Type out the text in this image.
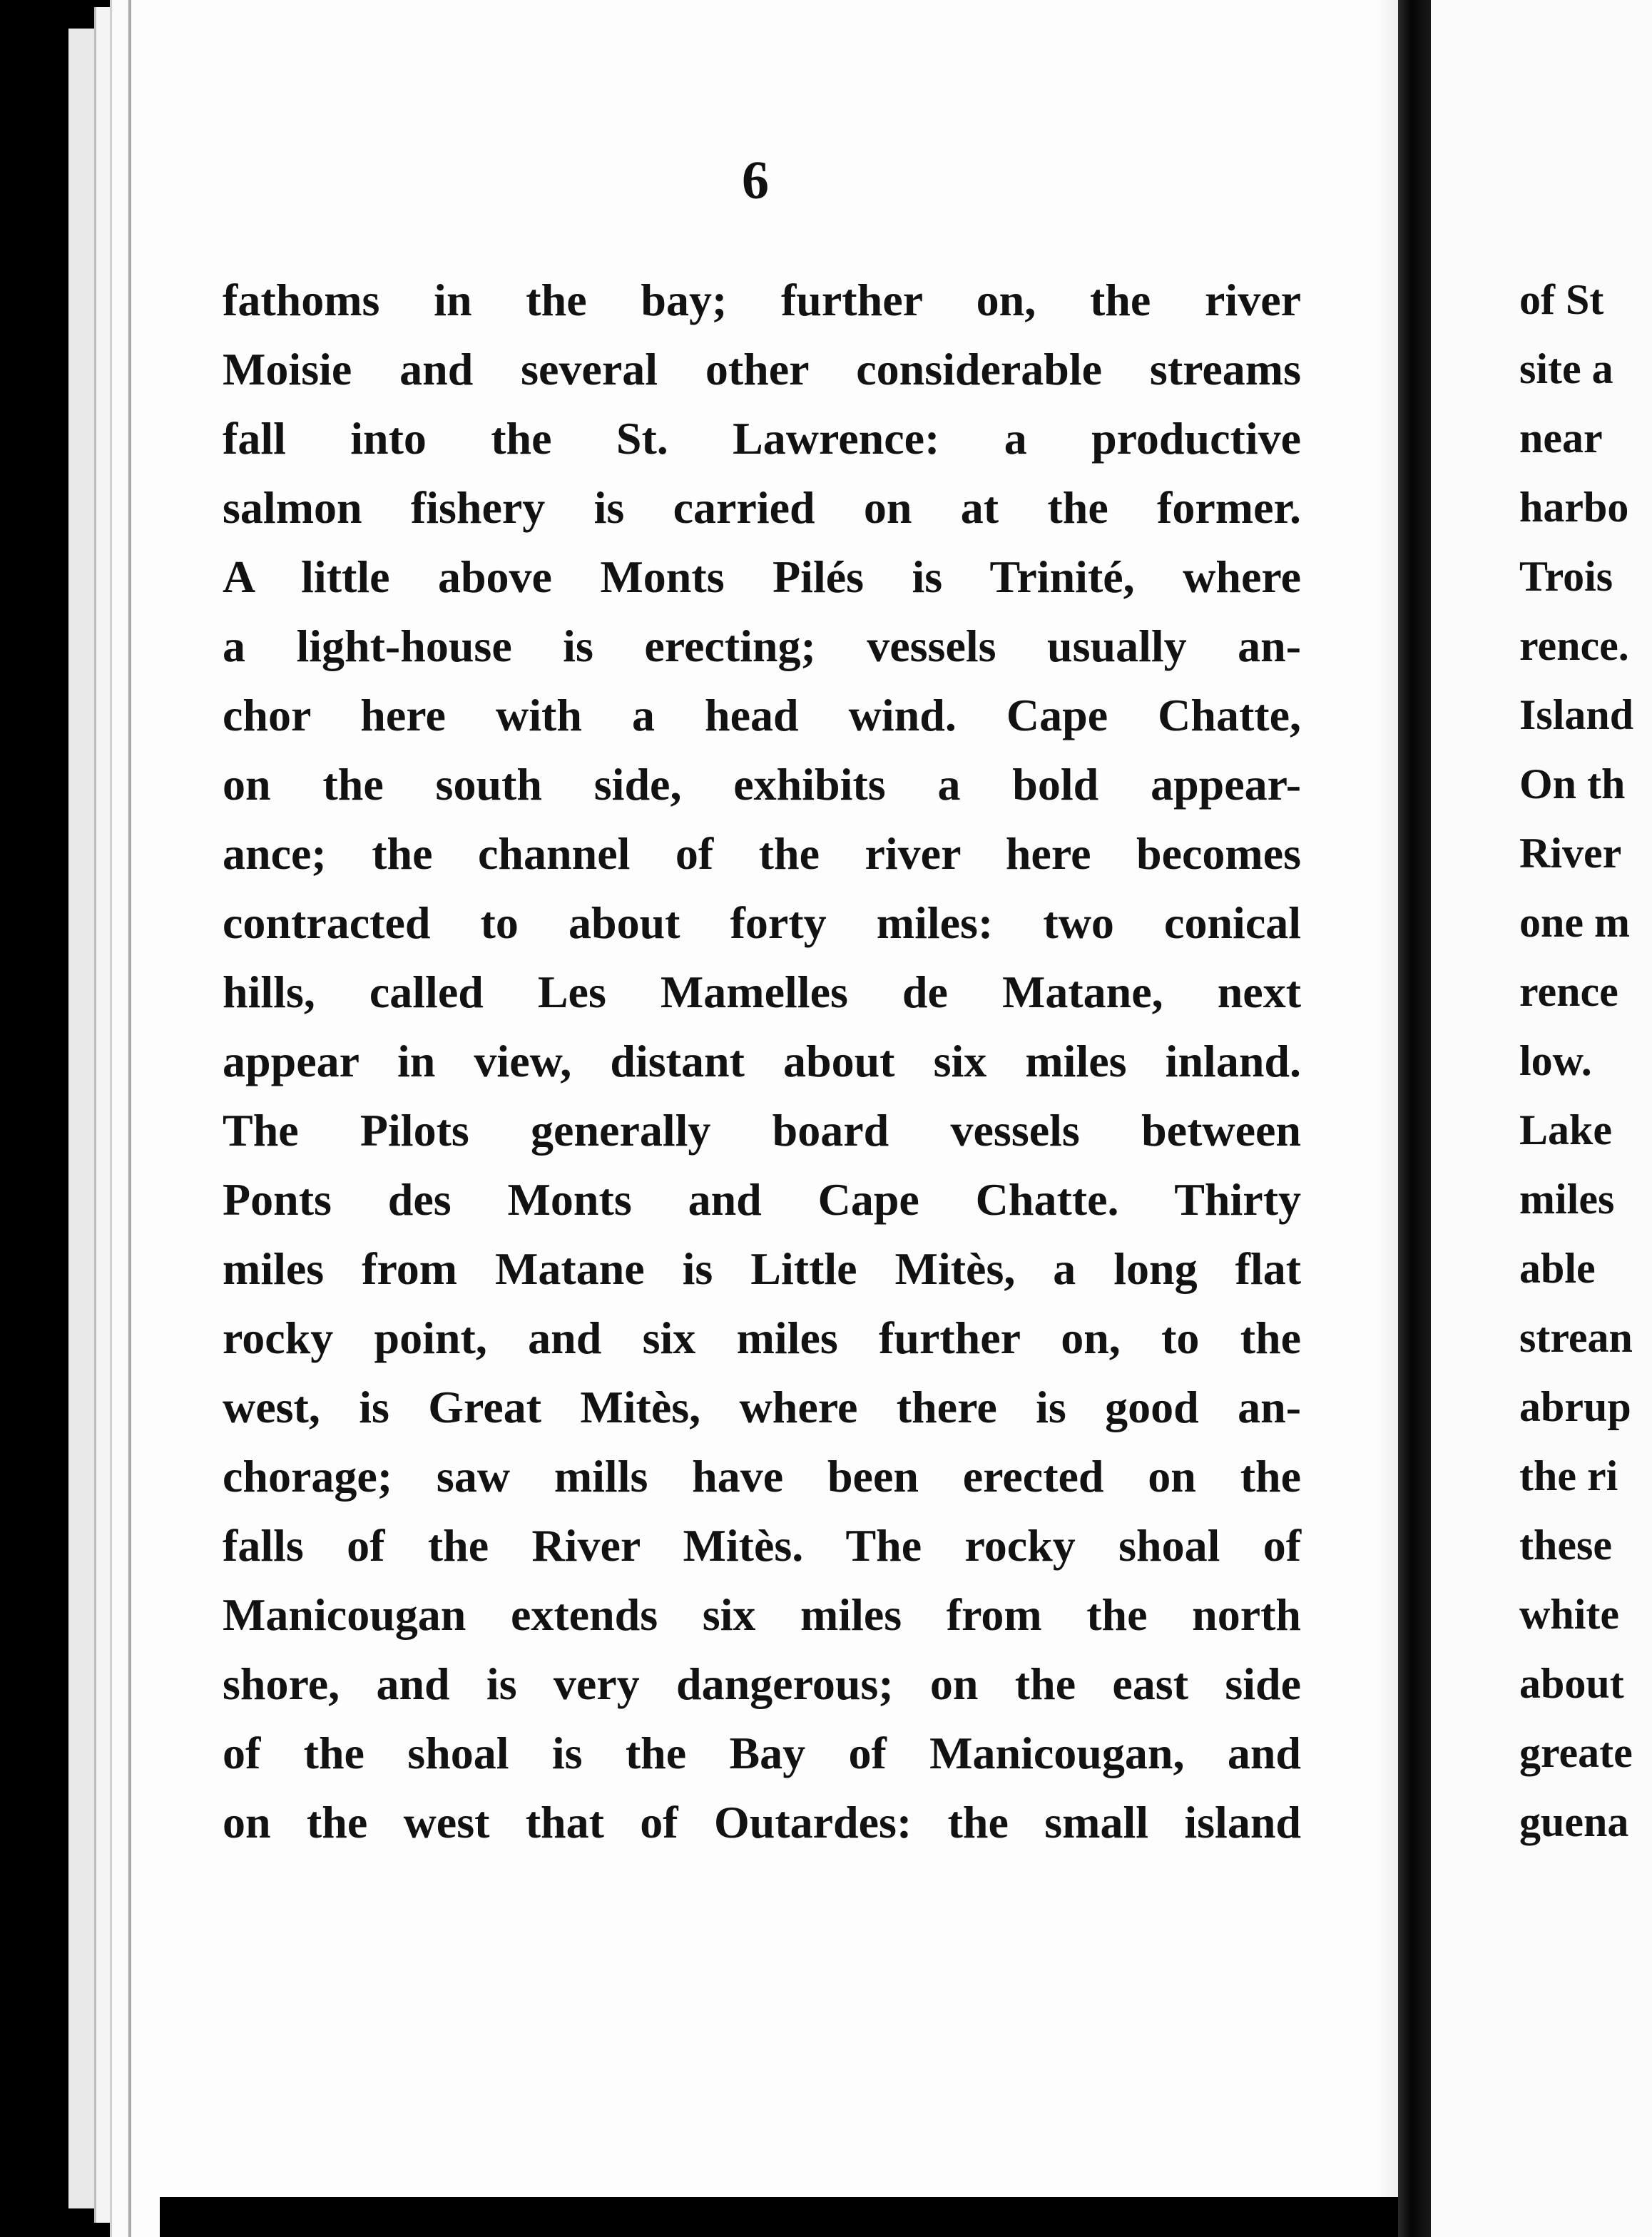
6
fathoms in the bay; further on, the river
Moisie and several other considerable streams
fall into the St. Lawrence: a productive
salmon fishery is carried on at the former.
A little above Monts Pilés is Trinité, where
a light-house is erecting; vessels usually an-
chor here with a head wind. Cape Chatte,
on the south side, exhibits a bold appear-
ance; the channel of the river here becomes
contracted to about forty miles: two conical
hills, called Les Mamelles de Matane, next
appear in view, distant about six miles inland.
The Pilots generally board vessels between
Ponts des Monts and Cape Chatte. Thirty
miles from Matane is Little Mitès, a long flat
rocky point, and six miles further on, to the
west, is Great Mitès, where there is good an-
chorage; saw mills have been erected on the
falls of the River Mitès. The rocky shoal of
Manicougan extends six miles from the north
shore, and is very dangerous; on the east side
of the shoal is the Bay of Manicougan, and
on the west that of Outardes: the small island
of St
site a
near
harbo
Trois
rence.
Island
On th
River
one m
rence
low.
Lake
miles
able
strean
abrup
the ri
these
white
about
greate
guena
